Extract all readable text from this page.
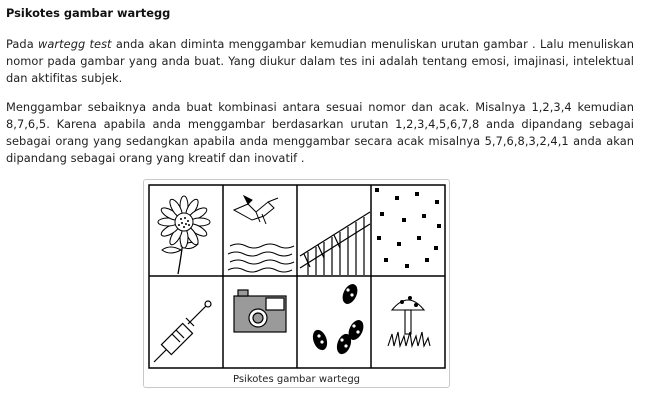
Psikotes gambar wartegg

Pada wartegg test anda akan diminta menggambar kemudian menuliskan urutan gambar . Lalu menuliskan nomor pada gambar yang anda buat. Yang diukur dalam tes ini adalah tentang emosi, imajinasi, intelektual dan aktifitas subjek.

Menggambar sebaiknya anda buat kombinasi antara sesuai nomor dan acak. Misalnya 1,2,3,4 kemudian 8,7,6,5. Karena apabila anda menggambar berdasarkan urutan 1,2,3,4,5,6,7,8 anda dipandang sebagai sebagai orang yang sedangkan apabila anda menggambar secara acak misalnya 5,7,6,8,3,2,4,1 anda akan dipandang sebagai orang yang kreatif dan inovatif .

Psikotes gambar wartegg
